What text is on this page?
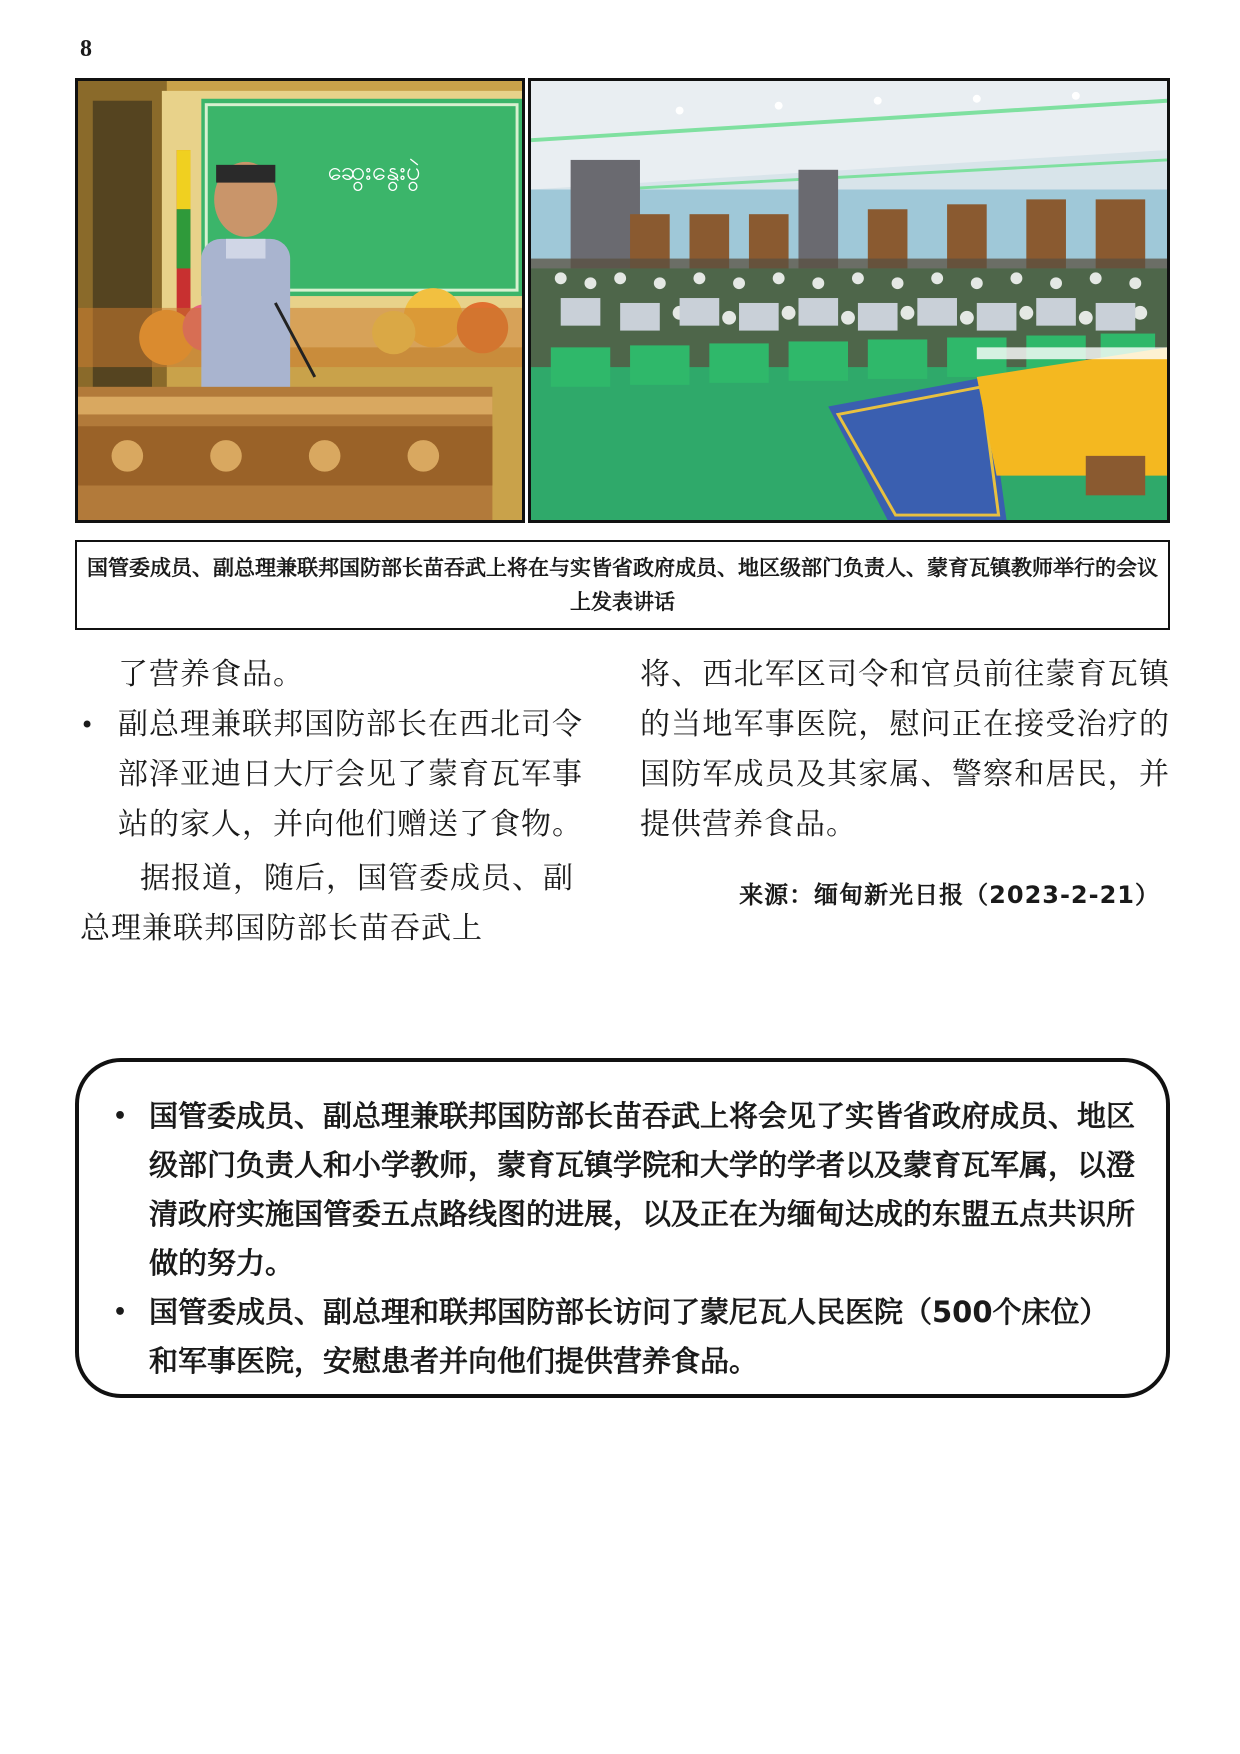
8
ဆွေးနွေးပွဲ
国管委成员、副总理兼联邦国防部长苗吞武上将在与实皆省政府成员、地区级部门负责人、蒙育瓦镇教师举行的会议上发表讲话

了营养食品。

• 副总理兼联邦国防部长在西北司令部泽亚迪日大厅会见了蒙育瓦军事站的家人，并向他们赠送了食物。

据报道，随后，国管委成员、副总理兼联邦国防部长苗吞武上

将、西北军区司令和官员前往蒙育瓦镇的当地军事医院，慰问正在接受治疗的国防军成员及其家属、警察和居民，并提供营养食品。

来源：缅甸新光日报（2023-2-21）

• 国管委成员、副总理兼联邦国防部长苗吞武上将会见了实皆省政府成员、地区级部门负责人和小学教师，蒙育瓦镇学院和大学的学者以及蒙育瓦军属，以澄清政府实施国管委五点路线图的进展，以及正在为缅甸达成的东盟五点共识所做的努力。
• 国管委成员、副总理和联邦国防部长访问了蒙尼瓦人民医院（500个床位）和军事医院，安慰患者并向他们提供营养食品。
